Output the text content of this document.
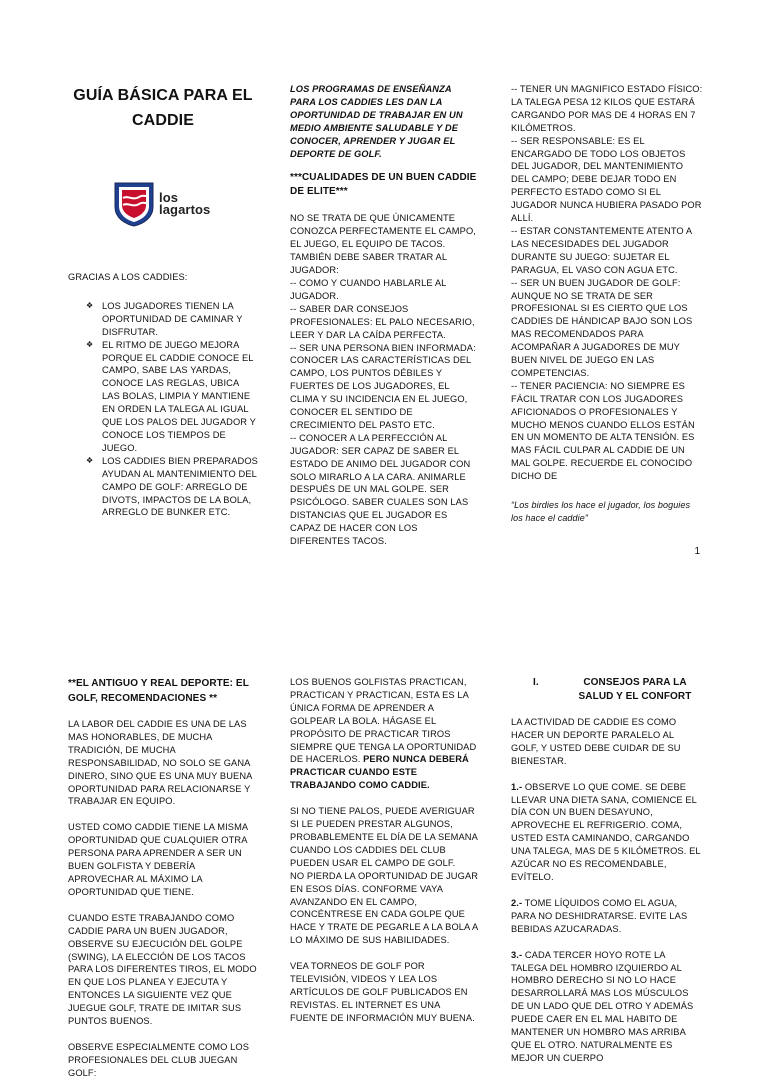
GUÍA BÁSICA PARA EL CADDIE
los
lagartos

GRACIAS A LOS CADDIES:

❖ LOS JUGADORES TIENEN LA OPORTUNIDAD DE CAMINAR Y DISFRUTAR.
❖ EL RITMO DE JUEGO MEJORA PORQUE EL CADDIE CONOCE EL CAMPO, SABE LAS YARDAS, CONOCE LAS REGLAS, UBICA LAS BOLAS, LIMPIA Y MANTIENE EN ORDEN LA TALEGA AL IGUAL QUE LOS PALOS DEL JUGADOR Y CONOCE LOS TIEMPOS DE JUEGO.
❖ LOS CADDIES BIEN PREPARADOS AYUDAN AL MANTENIMIENTO DEL CAMPO DE GOLF: ARREGLO DE DIVOTS, IMPACTOS DE LA BOLA, ARREGLO DE BUNKER ETC.

LOS PROGRAMAS DE ENSEÑANZA PARA LOS CADDIES LES DAN LA OPORTUNIDAD DE TRABAJAR EN UN MEDIO AMBIENTE SALUDABLE Y DE CONOCER, APRENDER Y JUGAR EL DEPORTE DE GOLF.

***CUALIDADES DE UN BUEN CADDIE DE ELITE***

NO SE TRATA DE QUE ÚNICAMENTE CONOZCA PERFECTAMENTE EL CAMPO, EL JUEGO, EL EQUIPO DE TACOS. TAMBIÉN DEBE SABER TRATAR AL JUGADOR:

-- COMO Y CUANDO HABLARLE AL JUGADOR.

-- SABER DAR CONSEJOS PROFESIONALES: EL PALO NECESARIO, LEER Y DAR LA CAÍDA PERFECTA.

-- SER UNA PERSONA BIEN INFORMADA: CONOCER LAS CARACTERÍSTICAS DEL CAMPO, LOS PUNTOS DÉBILES Y FUERTES DE LOS JUGADORES, EL CLIMA Y SU INCIDENCIA EN EL JUEGO, CONOCER EL SENTIDO DE CRECIMIENTO DEL PASTO ETC.

-- CONOCER A LA PERFECCIÓN AL JUGADOR: SER CAPAZ DE SABER EL ESTADO DE ANIMO DEL JUGADOR CON SOLO MIRARLO A LA CARA. ANIMARLE DESPUÉS DE UN MAL GOLPE. SER PSICÓLOGO. SABER CUALES SON LAS DISTANCIAS QUE EL JUGADOR ES CAPAZ DE HACER CON LOS DIFERENTES TACOS.

-- TENER UN MAGNIFICO ESTADO FÍSICO: LA TALEGA PESA 12 KILOS QUE ESTARÁ CARGANDO POR MAS DE 4 HORAS EN 7 KILÓMETROS.

-- SER RESPONSABLE: ES EL ENCARGADO DE TODO LOS OBJETOS DEL JUGADOR, DEL MANTENIMIENTO DEL CAMPO; DEBE DEJAR TODO EN PERFECTO ESTADO COMO SI EL JUGADOR NUNCA HUBIERA PASADO POR ALLÍ.

-- ESTAR CONSTANTEMENTE ATENTO A LAS NECESIDADES DEL JUGADOR DURANTE SU JUEGO: SUJETAR EL PARAGUA, EL VASO CON AGUA ETC.

-- SER UN BUEN JUGADOR DE GOLF: AUNQUE NO SE TRATA DE SER PROFESIONAL SI ES CIERTO QUE LOS CADDIES DE HÁNDICAP BAJO SON LOS MAS RECOMENDADOS PARA ACOMPAÑAR A JUGADORES DE MUY BUEN NIVEL DE JUEGO EN LAS COMPETENCIAS.

-- TENER PACIENCIA: NO SIEMPRE ES FÁCIL TRATAR CON LOS JUGADORES AFICIONADOS O PROFESIONALES Y MUCHO MENOS CUANDO ELLOS ESTÁN EN UN MOMENTO DE ALTA TENSIÓN. ES MAS FÁCIL CULPAR AL CADDIE DE UN MAL GOLPE. RECUERDE EL CONOCIDO DICHO DE

“Los birdies los hace el jugador, los boguies los hace el caddie”

1

**EL ANTIGUO Y REAL DEPORTE: EL GOLF, RECOMENDACIONES **

LA LABOR DEL CADDIE ES UNA DE LAS MAS HONORABLES, DE MUCHA TRADICIÓN, DE MUCHA RESPONSABILIDAD, NO SOLO SE GANA DINERO, SINO QUE ES UNA MUY BUENA OPORTUNIDAD PARA RELACIONARSE Y TRABAJAR EN EQUIPO.

USTED COMO CADDIE TIENE LA MISMA OPORTUNIDAD QUE CUALQUIER OTRA PERSONA PARA APRENDER A SER UN BUEN GOLFISTA Y DEBERÍA APROVECHAR AL MÁXIMO LA OPORTUNIDAD QUE TIENE.

CUANDO ESTE TRABAJANDO COMO CADDIE PARA UN BUEN JUGADOR, OBSERVE SU EJECUCIÓN DEL GOLPE (SWING), LA ELECCIÓN DE LOS TACOS PARA LOS DIFERENTES TIROS, EL MODO EN QUE LOS PLANEA Y EJECUTA Y ENTONCES LA SIGUIENTE VEZ QUE JUEGUE GOLF, TRATE DE IMITAR SUS PUNTOS BUENOS.

OBSERVE ESPECIALMENTE COMO LOS PROFESIONALES DEL CLUB JUEGAN GOLF:

LOS BUENOS GOLFISTAS PRACTICAN, PRACTICAN Y PRACTICAN, ESTA ES LA ÚNICA FORMA DE APRENDER A GOLPEAR LA BOLA. HÁGASE EL PROPÓSITO DE PRACTICAR TIROS SIEMPRE QUE TENGA LA OPORTUNIDAD DE HACERLOS. PERO NUNCA DEBERÁ PRACTICAR CUANDO ESTE TRABAJANDO COMO CADDIE.

SI NO TIENE PALOS, PUEDE AVERIGUAR SI LE PUEDEN PRESTAR ALGUNOS, PROBABLEMENTE EL DÍA DE LA SEMANA CUANDO LOS CADDIES DEL CLUB PUEDEN USAR EL CAMPO DE GOLF.

NO PIERDA LA OPORTUNIDAD DE JUGAR EN ESOS DÍAS. CONFORME VAYA AVANZANDO EN EL CAMPO, CONCÉNTRESE EN CADA GOLPE QUE HACE Y TRATE DE PEGARLE A LA BOLA A LO MÁXIMO DE SUS HABILIDADES.

VEA TORNEOS DE GOLF POR TELEVISIÓN, VIDEOS Y LEA LOS ARTÍCULOS DE GOLF PUBLICADOS EN REVISTAS. EL INTERNET ES UNA FUENTE DE INFORMACIÓN MUY BUENA.

I.	CONSEJOS PARA LA SALUD Y EL CONFORT

LA ACTIVIDAD DE CADDIE ES COMO HACER UN DEPORTE PARALELO AL GOLF, Y USTED DEBE CUIDAR DE SU BIENESTAR.

1.- OBSERVE LO QUE COME. SE DEBE LLEVAR UNA DIETA SANA, COMIENCE EL DÍA CON UN BUEN DESAYUNO, APROVECHE EL REFRIGERIO. COMA, USTED ESTA CAMINANDO, CARGANDO UNA TALEGA, MAS DE 5 KILÓMETROS. EL AZÚCAR NO ES RECOMENDABLE, EVÍTELO.

2.- TOME LÍQUIDOS COMO EL AGUA, PARA NO DESHIDRATARSE. EVITE LAS BEBIDAS AZUCARADAS.

3.- CADA TERCER HOYO ROTE LA TALEGA DEL HOMBRO IZQUIERDO AL HOMBRO DERECHO SI NO LO HACE DESARROLLARÁ MAS LOS MÚSCULOS DE UN LADO QUE DEL OTRO Y ADEMÁS PUEDE CAER EN EL MAL HABITO DE MANTENER UN HOMBRO MAS ARRIBA QUE EL OTRO. NATURALMENTE ES MEJOR UN CUERPO
